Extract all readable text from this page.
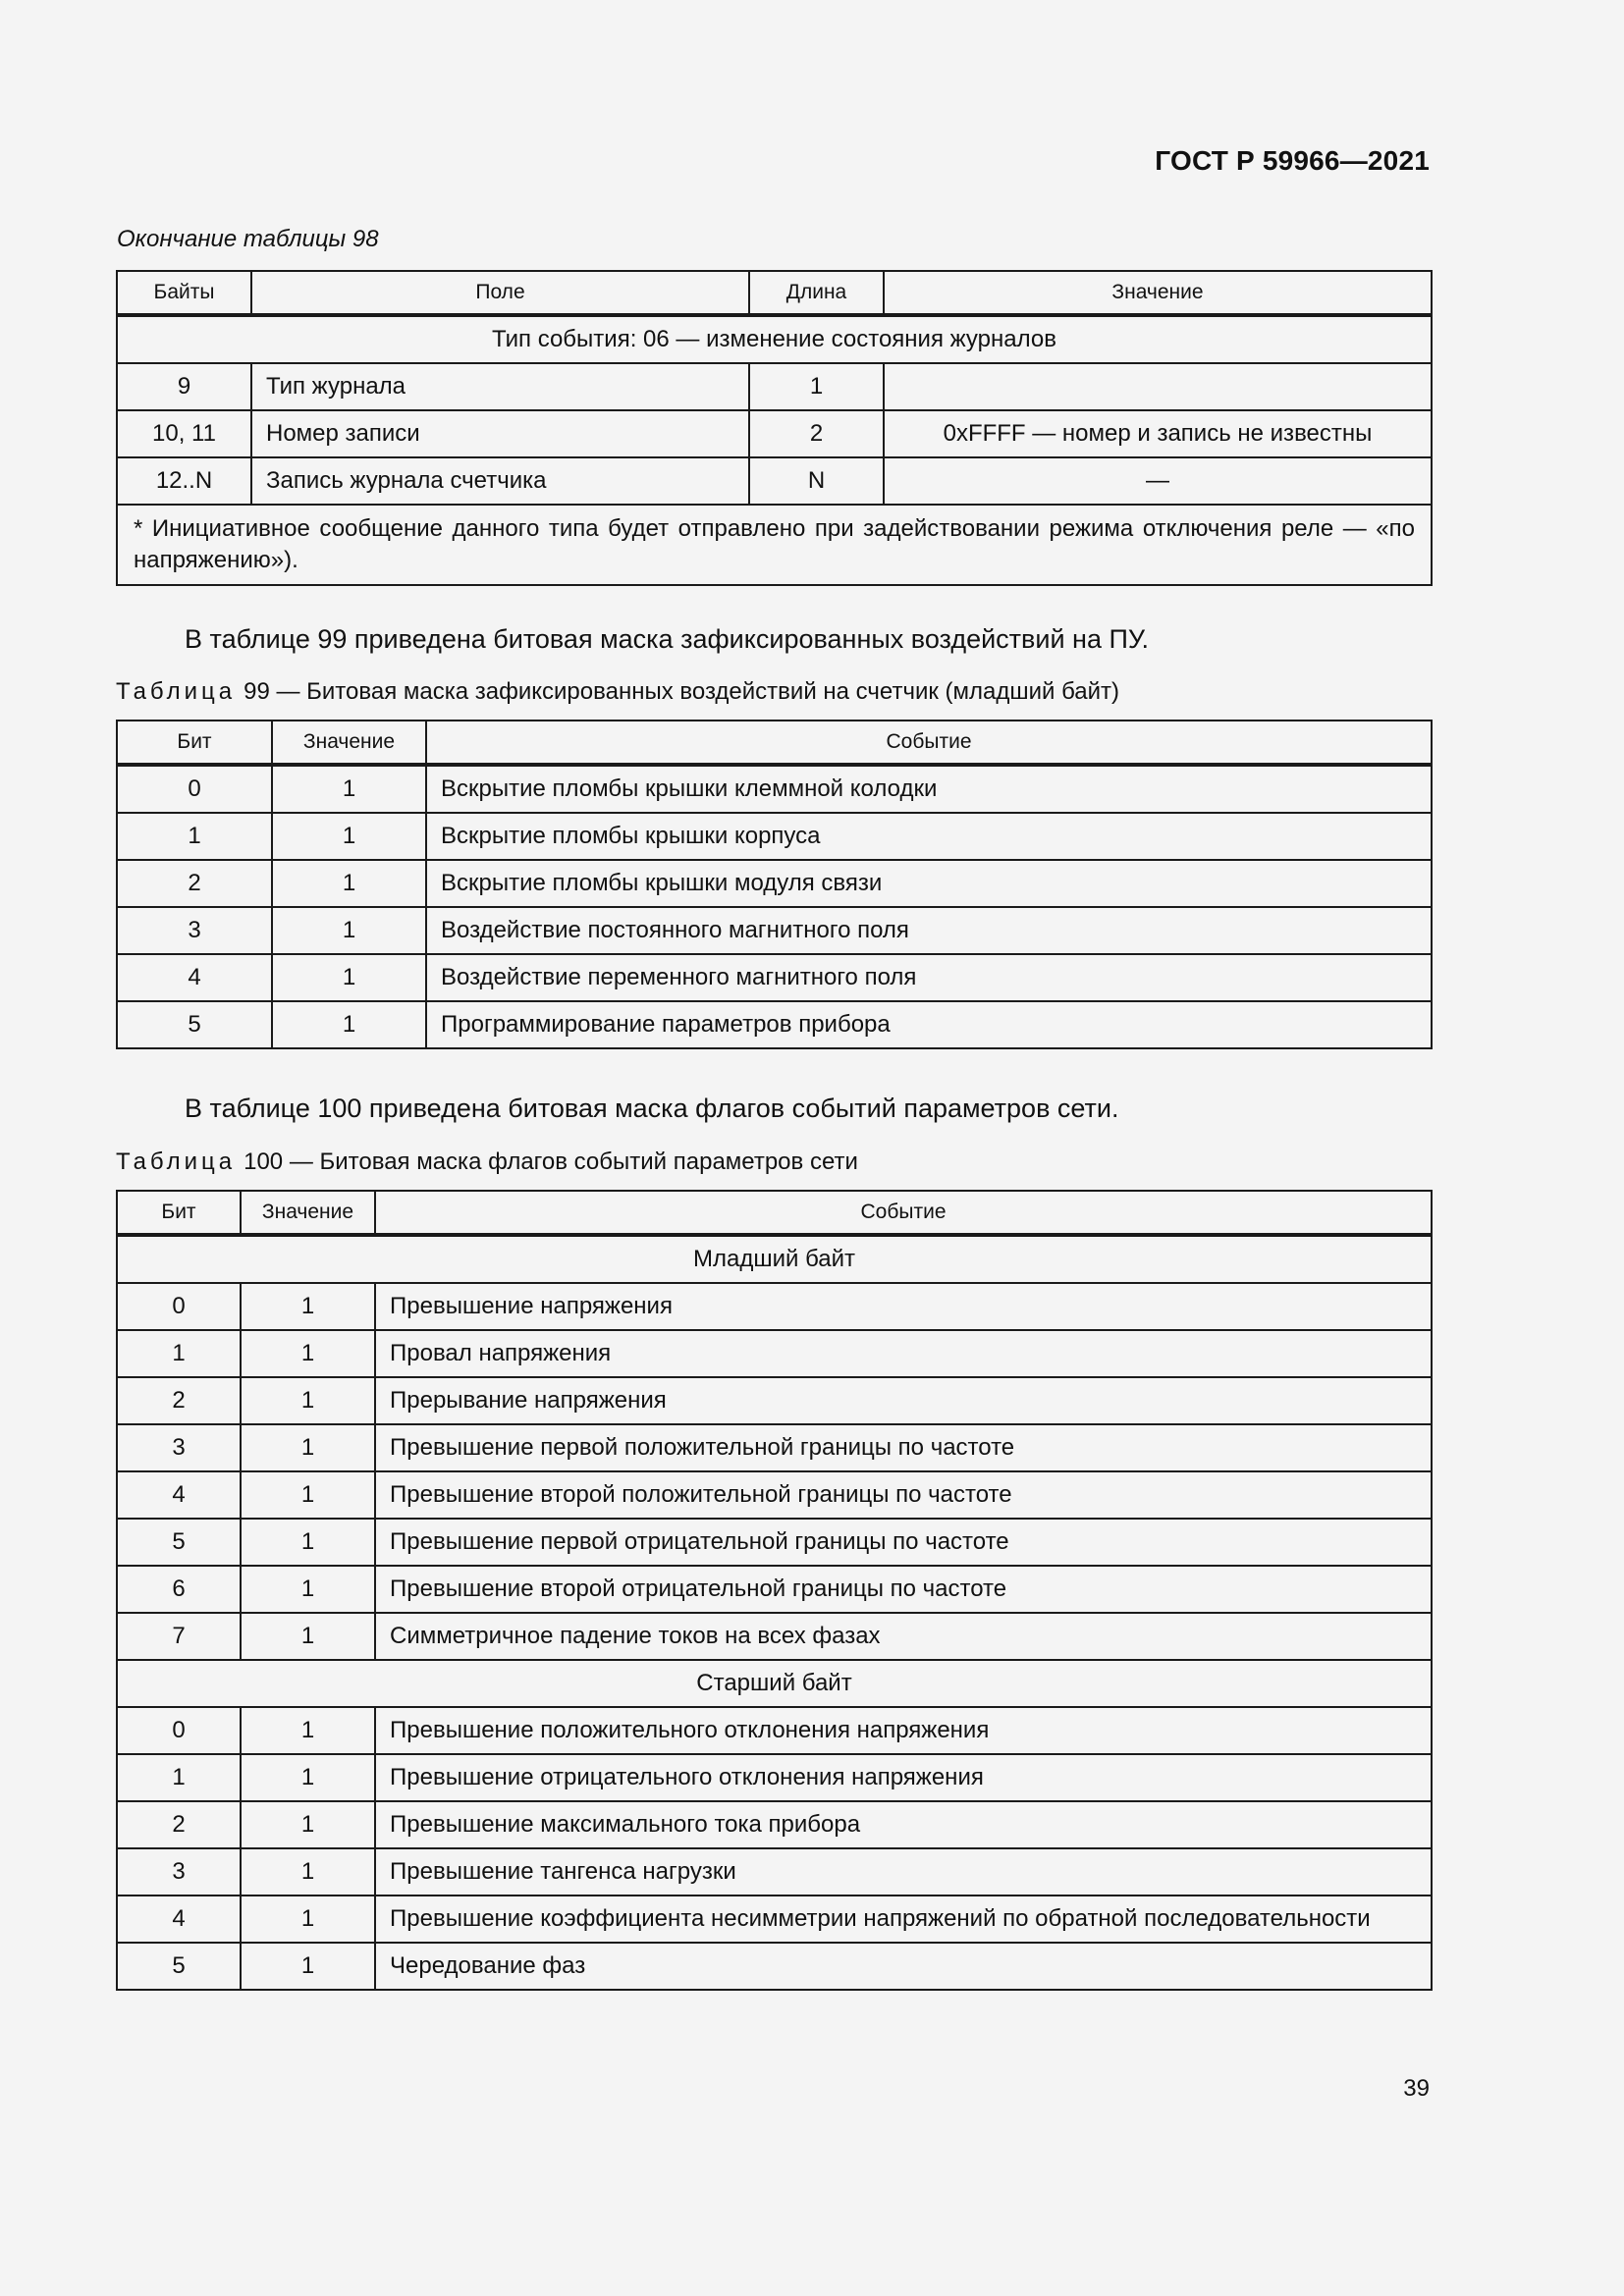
ГОСТ Р 59966—2021
Окончание таблицы 98
Байты	Поле	Длина	Значение
Тип события: 06 — изменение состояния журналов			
9	Тип журнала	1	
10, 11	Номер записи	2	0xFFFF — номер и запись не известны
12..N	Запись журнала счетчика	N	—
* Инициативное сообщение данного типа будет отправлено при задействовании режима отключения реле — «по напряжению»).			
В таблице 99 приведена битовая маска зафиксированных воздействий на ПУ.
Таблица 99 — Битовая маска зафиксированных воздействий на счетчик (младший байт)
Бит	Значение	Событие
0	1	Вскрытие пломбы крышки клеммной колодки
1	1	Вскрытие пломбы крышки корпуса
2	1	Вскрытие пломбы крышки модуля связи
3	1	Воздействие постоянного магнитного поля
4	1	Воздействие переменного магнитного поля
5	1	Программирование параметров прибора
В таблице 100 приведена битовая маска флагов событий параметров сети.
Таблица 100 — Битовая маска флагов событий параметров сети
Бит	Значение	Событие
Младший байт		
0	1	Превышение напряжения
1	1	Провал напряжения
2	1	Прерывание напряжения
3	1	Превышение первой положительной границы по частоте
4	1	Превышение второй положительной границы по частоте
5	1	Превышение первой отрицательной границы по частоте
6	1	Превышение второй отрицательной границы по частоте
7	1	Симметричное падение токов на всех фазах
Старший байт		
0	1	Превышение положительного отклонения напряжения
1	1	Превышение отрицательного отклонения напряжения
2	1	Превышение максимального тока прибора
3	1	Превышение тангенса нагрузки
4	1	Превышение коэффициента несимметрии напряжений по обратной последовательности
5	1	Чередование фаз
39
